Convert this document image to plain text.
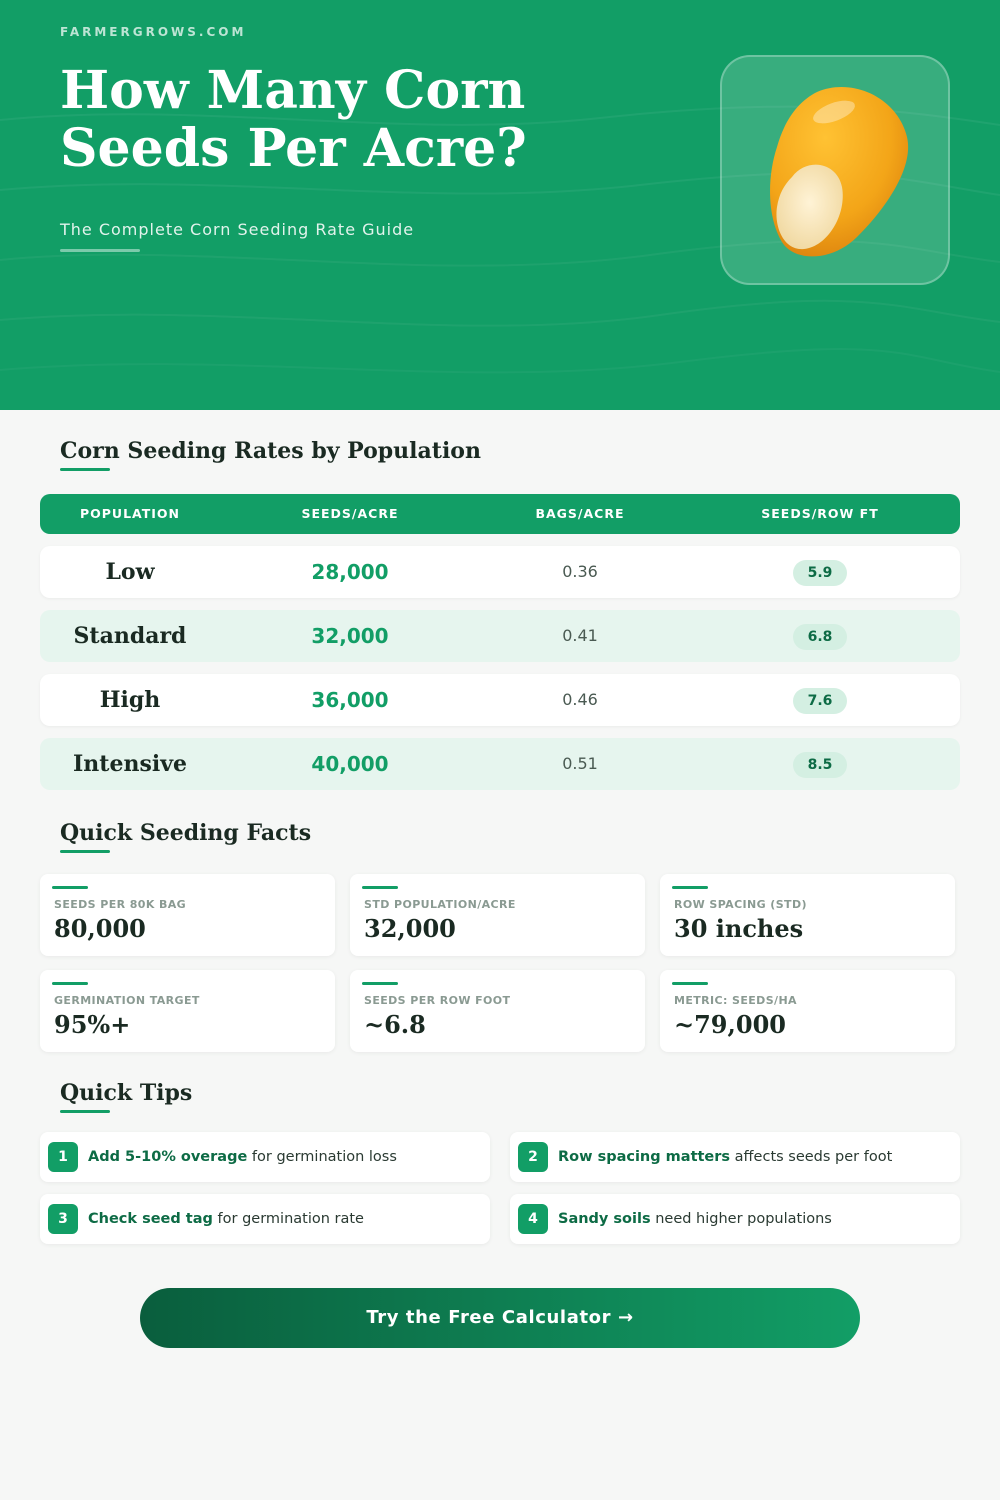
FARMERGROWS.COM
How Many Corn Seeds Per Acre?
The Complete Corn Seeding Rate Guide
Corn Seeding Rates by Population
POPULATION	SEEDS/ACRE	BAGS/ACRE	SEEDS/ROW FT
Low	28,000	0.36	5.9
Standard	32,000	0.41	6.8
High	36,000	0.46	7.6
Intensive	40,000	0.51	8.5
Quick Seeding Facts
SEEDS PER 80K BAG
80,000
STD POPULATION/ACRE
32,000
ROW SPACING (STD)
30 inches
GERMINATION TARGET
95%+
SEEDS PER ROW FOOT
~6.8
METRIC: SEEDS/HA
~79,000
Quick Tips
1	Add 5-10% overage for germination loss	2	Row spacing matters affects seeds per foot
3	Check seed tag for germination rate	4	Sandy soils need higher populations
Try the Free Calculator →
